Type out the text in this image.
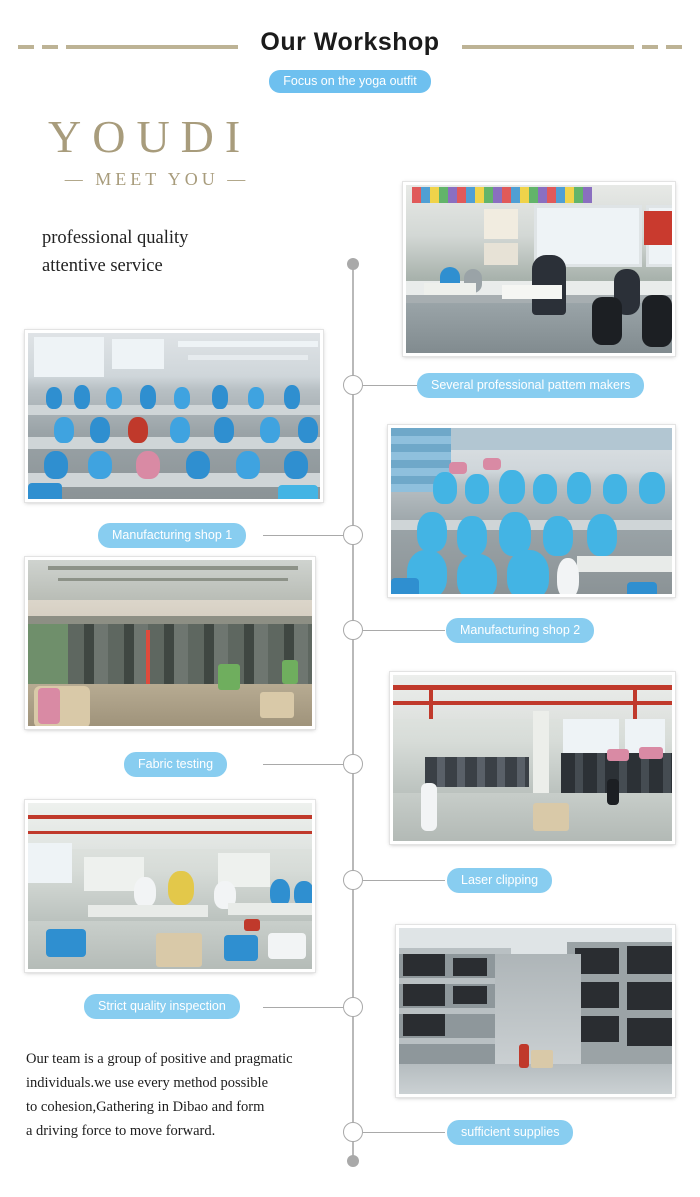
Our Workshop
Focus on the yoga outfit
YOUDI
— MEET YOU —
professional quality
attentive service
Several professional pattem makers
Manufacturing shop 1
Manufacturing shop 2
Fabric testing
Laser clipping
Strict quality inspection
sufficient supplies
Our team is a group of positive and pragmatic
individuals.we use every method possible
to cohesion,Gathering in Dibao and form
a driving force to move forward.
